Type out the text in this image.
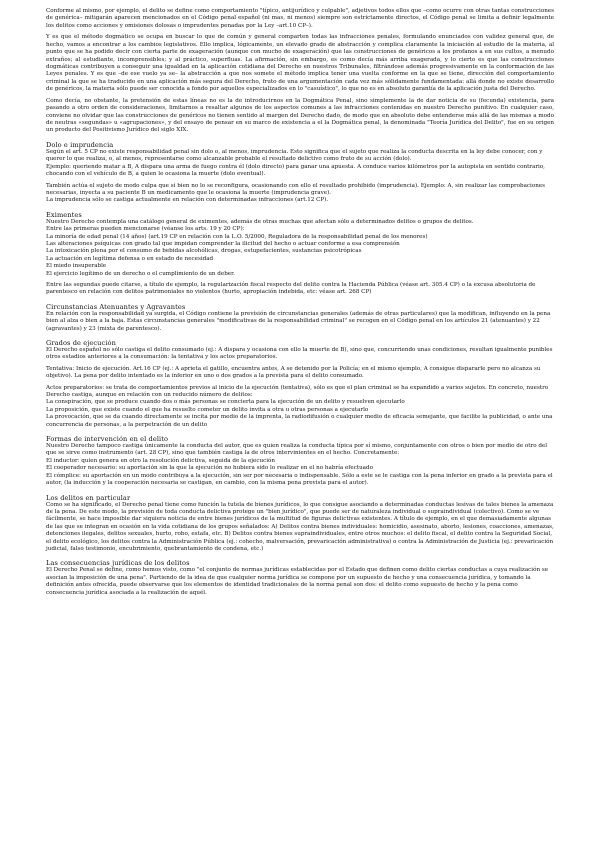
Conforme al mismo, por ejemplo, el delito se define como comportamiento "típico, antijurídico y culpable", adjetivos todos ellos que –como ocurre con otras tantas construcciones de genérica– mitigarán aparecen mencionados en el Código penal español (ni mas, ni menos) siempre son estrictamente directos, el Código penal se limita a definir legalmente los delitos como acciones y omisiones dolosas o imprudentes penadas por la Ley –art.10 CP–).

Y es que el método dogmático se ocupa en buscar lo que de común y general comparten todas las infracciones penales, formulando enunciados con validez general que, de hecho, vamos a encontrar a los cambios legislativos. Ello implica, lógicamente, un elevado grado de abstracción y complica claramente la iniciación al estudio de la materia, al punto que se ha podido decir con cierta parte de exageración (aunque con mucho de exageración) que las construcciones de genéricos a los profanos a en sus cultos, a menudo extraños; al estudiante, incomprensibles; y al práctico, superfluas. La afirmación, sin embargo, es como decía más arriba exagerada, y lo cierto es que las construcciones dogmáticas contribuyen a conseguir una igualdad en la aplicación cotidiana del Derecho en nuestros Tribunales, filtrándose además progresivamente en la conformación de las Leyes penales. Y es que –de ese vuelo ya se– la abstracción a que nos somete el método implica tener una vuelta conforme en la que se tiene, dirección del comportamiento criminal la que se ha traducido en una aplicación más segura del Derecho, fruto de una argumentación cada vez más sólidamente fundamentada: allá donde no existe desarrollo de genéricos, la materia sólo puede ser conocida a fondo por aquellos especializados en lo "casuístico", lo que no es en absoluto garantía de la aplicación justa del Derecho.

Como decía, no obstante, la pretensión de estas líneas no es la de introducirnos en la Dogmática Penal, sino simplemente la de dar noticia de su (fecunda) existencia, para pasando a otro orden de consideraciones, limitarnos a resaltar algunos de los aspectos comunes a las infracciones contenidas en nuestro Derecho punitivo. En cualquier caso, conviene no olvidar que las construcciones de genéricos no tienen sentido al margen del Derecho dado, de modo que en absoluto debe entenderse más allá de las mismas a modo de neutras «segundas» u «agrupaciones», y del ensayo de pensar en su marco de existencia a el la Dogmática penal, la denominada "Teoría Jurídica del Delito", fue en su origen un producto del Positivismo Jurídico del siglo XIX.

Dolo e imprudencia
Según el art. 5 CP no existe responsabilidad penal sin dolo o, al menos, imprudencia. Esto significa que el sujeto que realiza la conducta descrita en la ley debe conocer, con y querer lo que realiza, o, al menos, representarse como alcanzable probable el resultado delictivo como fruto de su acción (dolo).
Ejemplo: queriendo matar a B, A dispara una arma de fuego contra él (dolo directo) para ganar una apuesta. A conduce varios kilómetros por la autopista en sentido contrario, chocando con el vehículo de B, a quien le ocasiona la muerte (dolo eventual).
También actúa el sujeto de modo culpa que si bien no lo se reconfigura, ocasionando con ello el resultado prohibido (imprudencia). Ejemplo: A, sin realizar las comprobaciones necesarias, inyecta a su paciente B un medicamento que le ocasiona la muerte (imprudencia grave).
La imprudencia sólo se castiga actualmente en relación con determinadas infracciones (art.12 CP).
Eximentes
Nuestro Derecho contempla una catálogo general de eximentes, además de otras muchas que afectan sólo a determinados delitos o grupos de delitos.
Entre las primeras pueden mencionarse (véanse los arts. 19 y 20 CP):
La minoría de edad penal (14 años) (art.19 CP en relación con la L.O. 5/2000, Reguladora de la responsabilidad penal de los menores)
Las alteraciones psíquicas con grado tal que impidan comprender la ilicitud del hecho o actuar conforme a esa comprensión
La intoxicación plena por el consumo de bebidas alcohólicas, drogas, estupefacientes, sustancias psicotrópicas
La actuación en legítima defensa o en estado de necesidad
El miedo insuperable
El ejercicio legítimo de un derecho o el cumplimiento de un deber.
Entre las segundas puede citarse, a título de ejemplo, la regularización fiscal respecto del delito contra la Hacienda Pública (véase art. 305.4 CP) o la excusa absolutoria de parentesco en relación con delitos patrimoniales no violentos (hurto, apropiación indebida, etc: véase art. 268 CP)
Circunstancias Atenuantes y Agravantes
En relación con la responsabilidad ya surgida, el Código contiene la previsión de circunstancias generales (además de otras particulares) que la modifican, influyendo en la pena bien al alza o bien a la baja. Estas circunstancias generales "modificativas de la responsabilidad criminal" se recogen en el Código penal en los artículos 21 (atenuantes) y 22 (agravantes) y 23 (mixta de parentesco).
Grados de ejecución
El Derecho español no sólo castiga el delito consumado (ej.: A dispara y ocasiona con ello la muerte de B), sino que, concurriendo unas condiciones, resultan igualmente punibles otros estadios anteriores a la consumación: la tentativa y los actos preparatorios.
Tentativa: Inicio de ejecución. Art.16 CP (ej.: A aprieta el gatillo, encuentra antes, A se detenido por la Policía; en el mismo ejemplo, A consigue dispararle pero no alcanza su objetivo). La pena por delito intentado es la inferior en uno o dos grados a la prevista para el delito consumado.
Actos preparatorios: se trata de comportamientos previos al inicio de la ejecución (tentativa), sólo es que el plan criminal se ha expandido a varios sujetos. En concreto, nuestro Derecho castiga, aunque en relación con un reducido número de delitos:
La conspiración, que se produce cuando dos o más personas se concierta para la ejecución de un delito y resuelven ejecutarlo
La proposición, que existe cuando el que ha resuelto cometer un delito invita a otra u otras personas a ejecutarlo
La provocación, que se da cuando directamente se incita por medio de la imprenta, la radiodifusión o cualquier medio de eficacia semejante, que facilite la publicidad, o ante una concurrencia de personas, a la perpetración de un delito
Formas de intervención en el delito
Nuestro Derecho tampoco castiga únicamente la conducta del autor, que es quien realiza la conducta típica por sí mismo, conjuntamente con otros o bien por medio de otro del que se sirve como instrumento (art. 28 CP), sino que también castiga la de otros intervinientes en el hecho. Concretamente:
El inductor: quien genera en otro la resolución delictiva, seguida de la ejecución
El cooperador necesario: su aportación sin la que la ejecución no hubiera sido lo realizar en el no habría efectuado
El cómplice: su aportación en un modo contribuya a la ejecución, sin ser por necesaria o indispensable. Sólo a este se le castiga con la pena inferior en grado a la prevista para el autor, (la inducción y la cooperación necesaria se castigan, en cambio, con la misma pena prevista para el autor).
Los delitos en particular
Como se ha significado, el Derecho penal tiene como función la tutela de bienes jurídicos, lo que consigue asociando a determinadas conductas lesivas de tales bienes la amenaza de la pena. De este modo, la previsión de toda conducta delictiva protege un "bien jurídico", que puede ser de naturaleza individual o supraindividual (colectivo). Como se ve fácilmente, se hace imposible dar siquiera noticia de entre bienes jurídicos de la multitud de figuras delictivas existentes. A título de ejemplo, en el que demasiadamente algunas de las que se integran en ocasión en la vida cotidiana de los grupos señalados: A) Delitos contra bienes individuales: homicidio, asesinato, aborto, lesiones, coacciones, amenazas, detenciones ilegales, delitos sexuales, hurto, robo, estafa, etc. B) Delitos contra bienes supraindividuales, entre otros muchos: el delito fiscal, el delito contra la Seguridad Social, el delito ecológico, los delitos contra la Administración Pública (ej.: cohecho, malversación, prevaricación administrativa) o contra la Administración de Justicia (ej.: prevaricación judicial, falso testimonio, encubrimiento, quebrantamiento de condena, etc.)
Las consecuencias jurídicas de los delitos
El Derecho Penal se define, como hemos visto, como "el conjunto de normas jurídicas establecidas por el Estado que definen como delito ciertas conductas a cuya realización se asocian la imposición de una pena". Partiendo de la idea de que cualquier norma jurídica se compone por un supuesto de hecho y una consecuencia jurídica, y tomando la definición antes ofrecida, puede observarse que los elementos de identidad tradicionales de la norma penal son dos: el delito como supuesto de hecho y la pena como consecuencia jurídica asociada a la realización de aquél.
